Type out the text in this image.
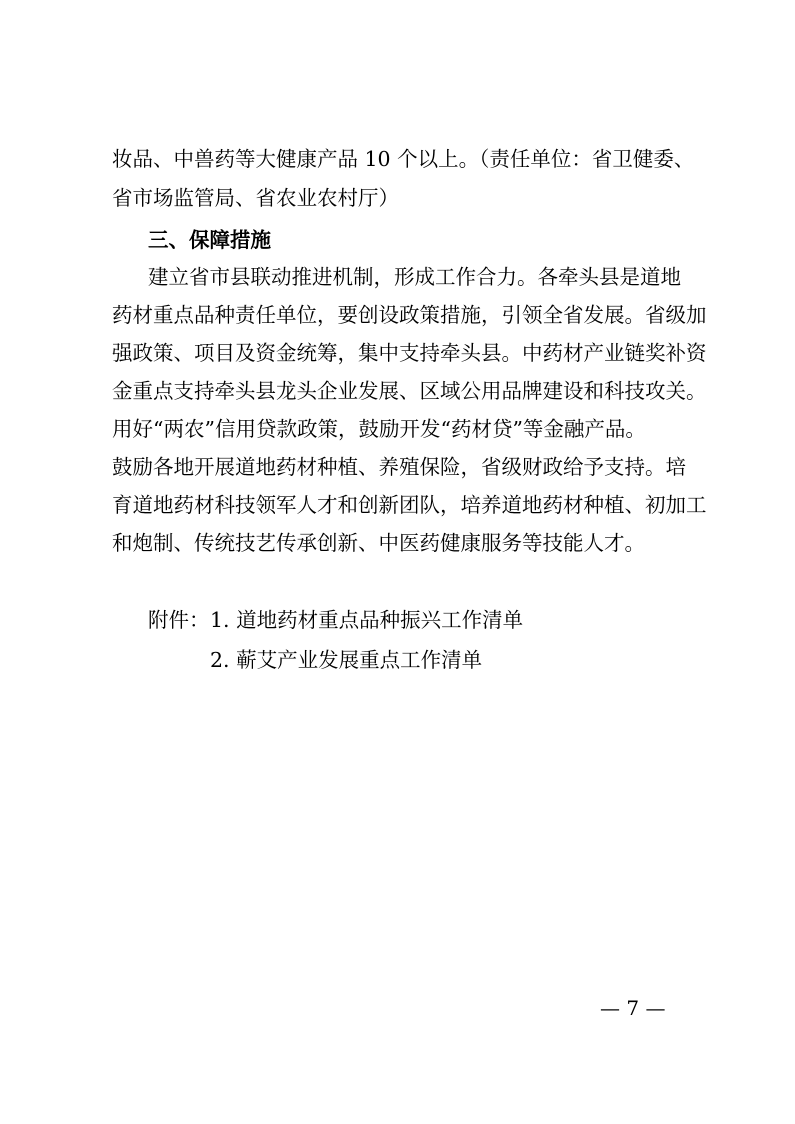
妆品、中兽药等大健康产品 10 个以上。（责任单位：省卫健委、
省市场监管局、省农业农村厅）
三、保障措施
建立省市县联动推进机制，形成工作合力。各牵头县是道地
药材重点品种责任单位，要创设政策措施，引领全省发展。省级加
强政策、项目及资金统筹，集中支持牵头县。中药材产业链奖补资
金重点支持牵头县龙头企业发展、区域公用品牌建设和科技攻关。
用好“两农”信用贷款政策，鼓励开发“药材贷”等金融产品。
鼓励各地开展道地药材种植、养殖保险，省级财政给予支持。培
育道地药材科技领军人才和创新团队，培养道地药材种植、初加工
和炮制、传统技艺传承创新、中医药健康服务等技能人才。
附件： 1. 道地药材重点品种振兴工作清单
2. 蕲艾产业发展重点工作清单
— 7 —
